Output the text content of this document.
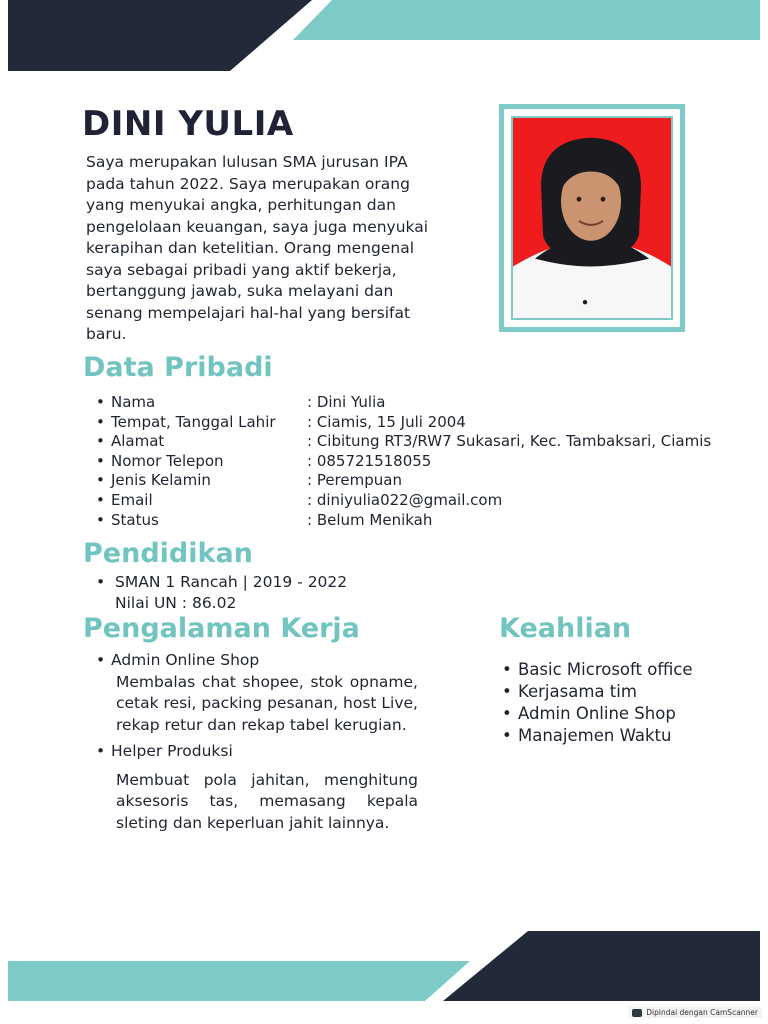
DINI YULIA

Saya merupakan lulusan SMA jurusan IPA pada tahun 2022. Saya merupakan orang yang menyukai angka, perhitungan dan pengelolaan keuangan, saya juga menyukai kerapihan dan ketelitian. Orang mengenal saya sebagai pribadi yang aktif bekerja, bertanggung jawab, suka melayani dan senang mempelajari hal-hal yang bersifat baru.

Data Pribadi
• Nama	: Dini Yulia
• Tempat, Tanggal Lahir	: Ciamis, 15 Juli 2004
• Alamat	: Cibitung RT3/RW7 Sukasari, Kec. Tambaksari, Ciamis
• Nomor Telepon	: 085721518055
• Jenis Kelamin	: Perempuan
• Email	: diniyulia022@gmail.com
• Status	: Belum Menikah
Pendidikan
• SMAN 1 Rancah | 2019 - 2022
Nilai UN : 86.02
Pengalaman Kerja
• Admin Online Shop
Membalas chat shopee, stok opname, cetak resi, packing pesanan, host Live, rekap retur dan rekap tabel kerugian.
• Helper Produksi
Membuat pola jahitan, menghitung aksesoris tas, memasang kepala sleting dan keperluan jahit lainnya.
Keahlian
• Basic Microsoft office
• Kerjasama tim
• Admin Online Shop
• Manajemen Waktu
Dipindai dengan CamScanner
